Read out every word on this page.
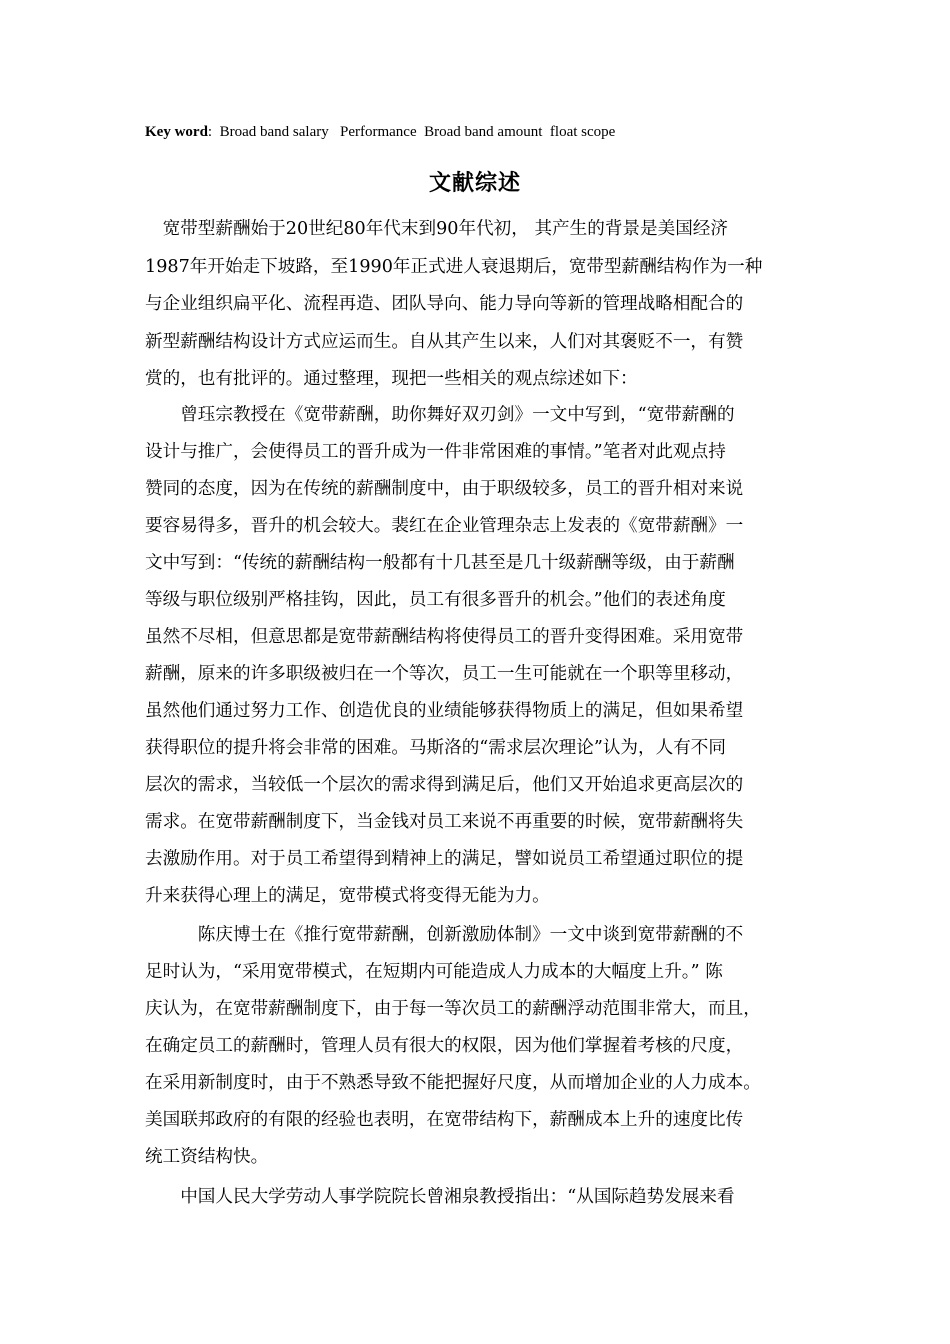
Key word:  Broad band salary   Performance  Broad band amount  float scope
文献综述
　宽带型薪酬始于20世纪80年代末到90年代初， 其产生的背景是美国经济
1987年开始走下坡路，至1990年正式进人衰退期后，宽带型薪酬结构作为一种
与企业组织扁平化、流程再造、团队导向、能力导向等新的管理战略相配合的
新型薪酬结构设计方式应运而生。自从其产生以来，人们对其褒贬不一，有赞
赏的，也有批评的。通过整理，现把一些相关的观点综述如下：
　　曾珏宗教授在《宽带薪酬，助你舞好双刃剑》一文中写到，“宽带薪酬的
设计与推广，会使得员工的晋升成为一件非常困难的事情。”笔者对此观点持
赞同的态度，因为在传统的薪酬制度中，由于职级较多，员工的晋升相对来说
要容易得多，晋升的机会较大。裴红在企业管理杂志上发表的《宽带薪酬》一
文中写到：“传统的薪酬结构一般都有十几甚至是几十级薪酬等级，由于薪酬
等级与职位级别严格挂钩，因此，员工有很多晋升的机会。”他们的表述角度
虽然不尽相，但意思都是宽带薪酬结构将使得员工的晋升变得困难。采用宽带
薪酬，原来的许多职级被归在一个等次，员工一生可能就在一个职等里移动，
虽然他们通过努力工作、创造优良的业绩能够获得物质上的满足，但如果希望
获得职位的提升将会非常的困难。马斯洛的“需求层次理论”认为，人有不同
层次的需求，当较低一个层次的需求得到满足后，他们又开始追求更高层次的
需求。在宽带薪酬制度下，当金钱对员工来说不再重要的时候，宽带薪酬将失
去激励作用。对于员工希望得到精神上的满足，譬如说员工希望通过职位的提
升来获得心理上的满足，宽带模式将变得无能为力。
　　　陈庆博士在《推行宽带薪酬，创新激励体制》一文中谈到宽带薪酬的不
足时认为，“采用宽带模式，在短期内可能造成人力成本的大幅度上升。” 陈
庆认为，在宽带薪酬制度下，由于每一等次员工的薪酬浮动范围非常大，而且，
在确定员工的薪酬时，管理人员有很大的权限，因为他们掌握着考核的尺度，
在采用新制度时，由于不熟悉导致不能把握好尺度，从而增加企业的人力成本。
美国联邦政府的有限的经验也表明，在宽带结构下，薪酬成本上升的速度比传
统工资结构快。
　　中国人民大学劳动人事学院院长曾湘泉教授指出：“从国际趋势发展来看
